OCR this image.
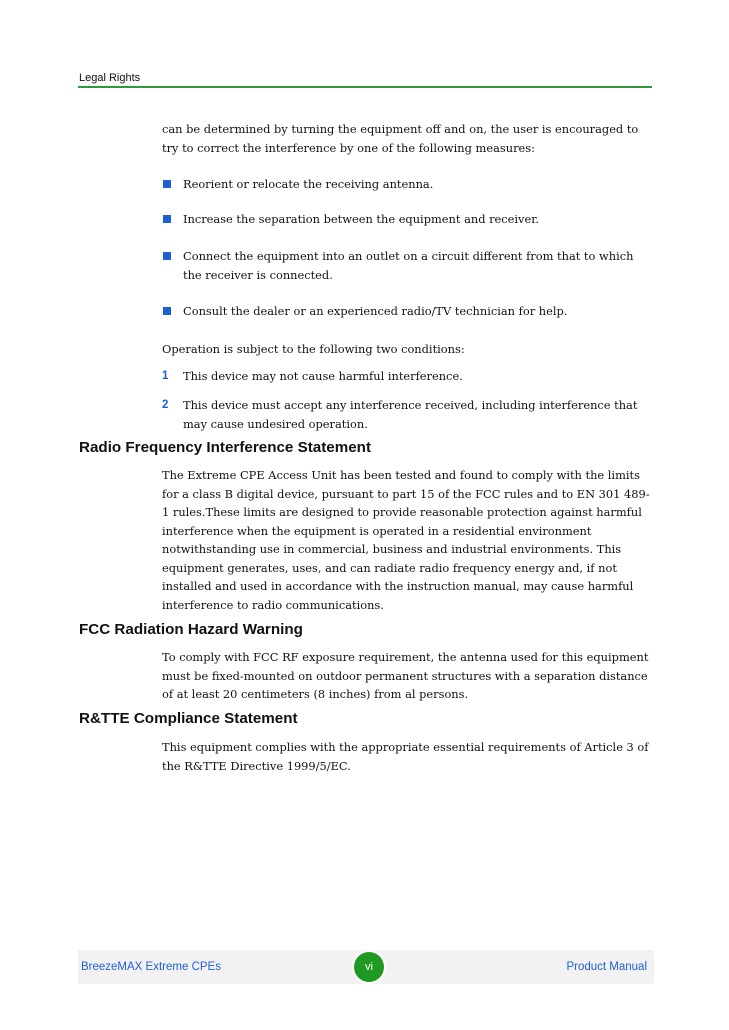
Legal Rights

can be determined by turning the equipment off and on, the user is encouraged to try to correct the interference by one of the following measures:

Reorient or relocate the receiving antenna.
Increase the separation between the equipment and receiver.
Connect the equipment into an outlet on a circuit different from that to which the receiver is connected.
Consult the dealer or an experienced radio/TV technician for help.

Operation is subject to the following two conditions:

1 This device may not cause harmful interference.
2 This device must accept any interference received, including interference that may cause undesired operation.
Radio Frequency Interference Statement

The Extreme CPE Access Unit has been tested and found to comply with the limits for a class B digital device, pursuant to part 15 of the FCC rules and to EN 301 489-1 rules.These limits are designed to provide reasonable protection against harmful interference when the equipment is operated in a residential environment notwithstanding use in commercial, business and industrial environments. This equipment generates, uses, and can radiate radio frequency energy and, if not installed and used in accordance with the instruction manual, may cause harmful interference to radio communications.

FCC Radiation Hazard Warning

To comply with FCC RF exposure requirement, the antenna used for this equipment must be fixed-mounted on outdoor permanent structures with a separation distance of at least 20 centimeters (8 inches) from al persons.

R&TTE Compliance Statement

This equipment complies with the appropriate essential requirements of Article 3 of the R&TTE Directive 1999/5/EC.

BreezeMAX Extreme CPEs	vi	Product Manual
